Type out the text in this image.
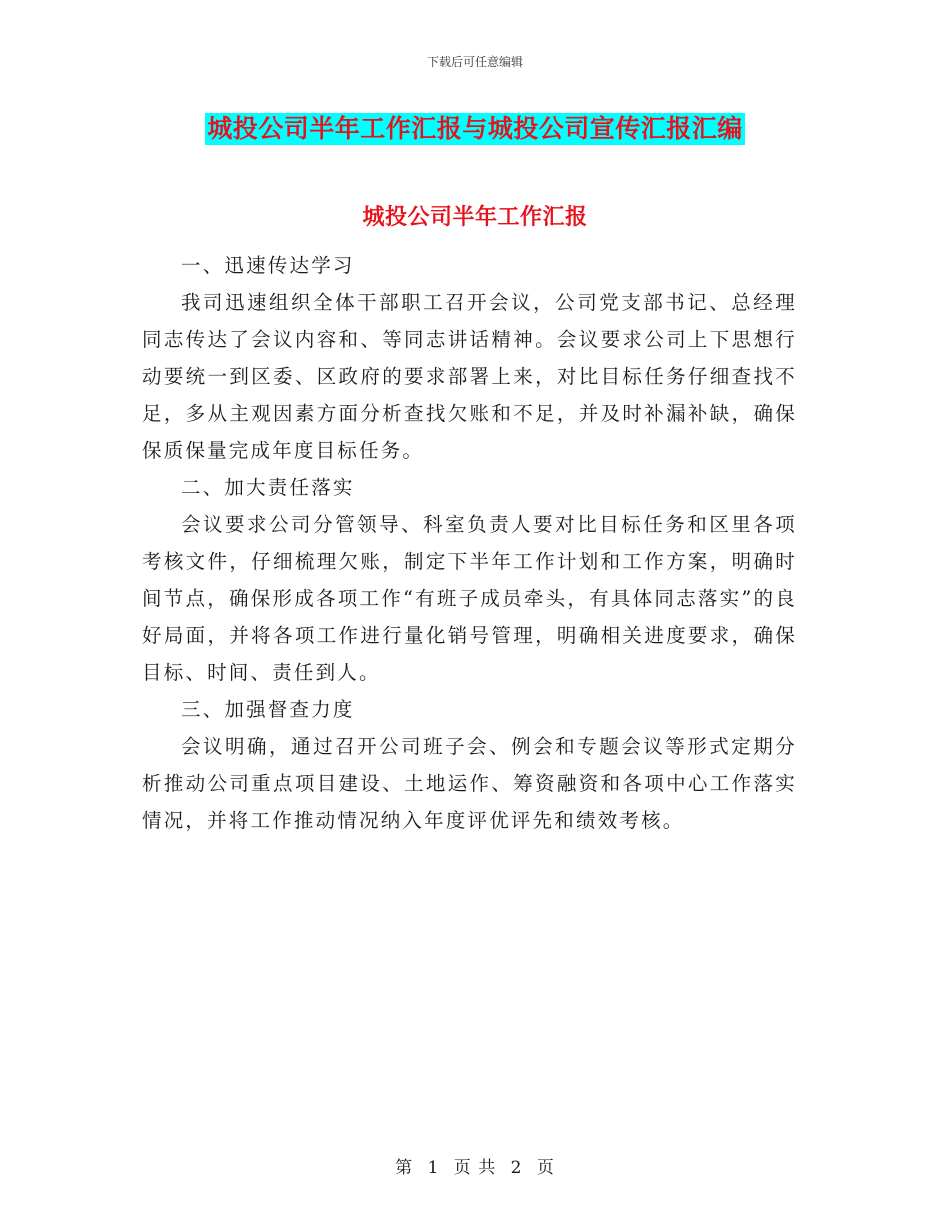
下载后可任意编辑
城投公司半年工作汇报与城投公司宣传汇报汇编
城投公司半年工作汇报

一、迅速传达学习

我司迅速组织全体干部职工召开会议，公司党支部书记、总经理同志传达了会议内容和、等同志讲话精神。会议要求公司上下思想行动要统一到区委、区政府的要求部署上来，对比目标任务仔细查找不足，多从主观因素方面分析查找欠账和不足，并及时补漏补缺，确保保质保量完成年度目标任务。

二、加大责任落实

会议要求公司分管领导、科室负责人要对比目标任务和区里各项考核文件，仔细梳理欠账，制定下半年工作计划和工作方案，明确时间节点，确保形成各项工作“有班子成员牵头，有具体同志落实”的良好局面，并将各项工作进行量化销号管理，明确相关进度要求，确保目标、时间、责任到人。

三、加强督查力度

会议明确，通过召开公司班子会、例会和专题会议等形式定期分析推动公司重点项目建设、土地运作、筹资融资和各项中心工作落实情况，并将工作推动情况纳入年度评优评先和绩效考核。

第 1 页 共 2 页
